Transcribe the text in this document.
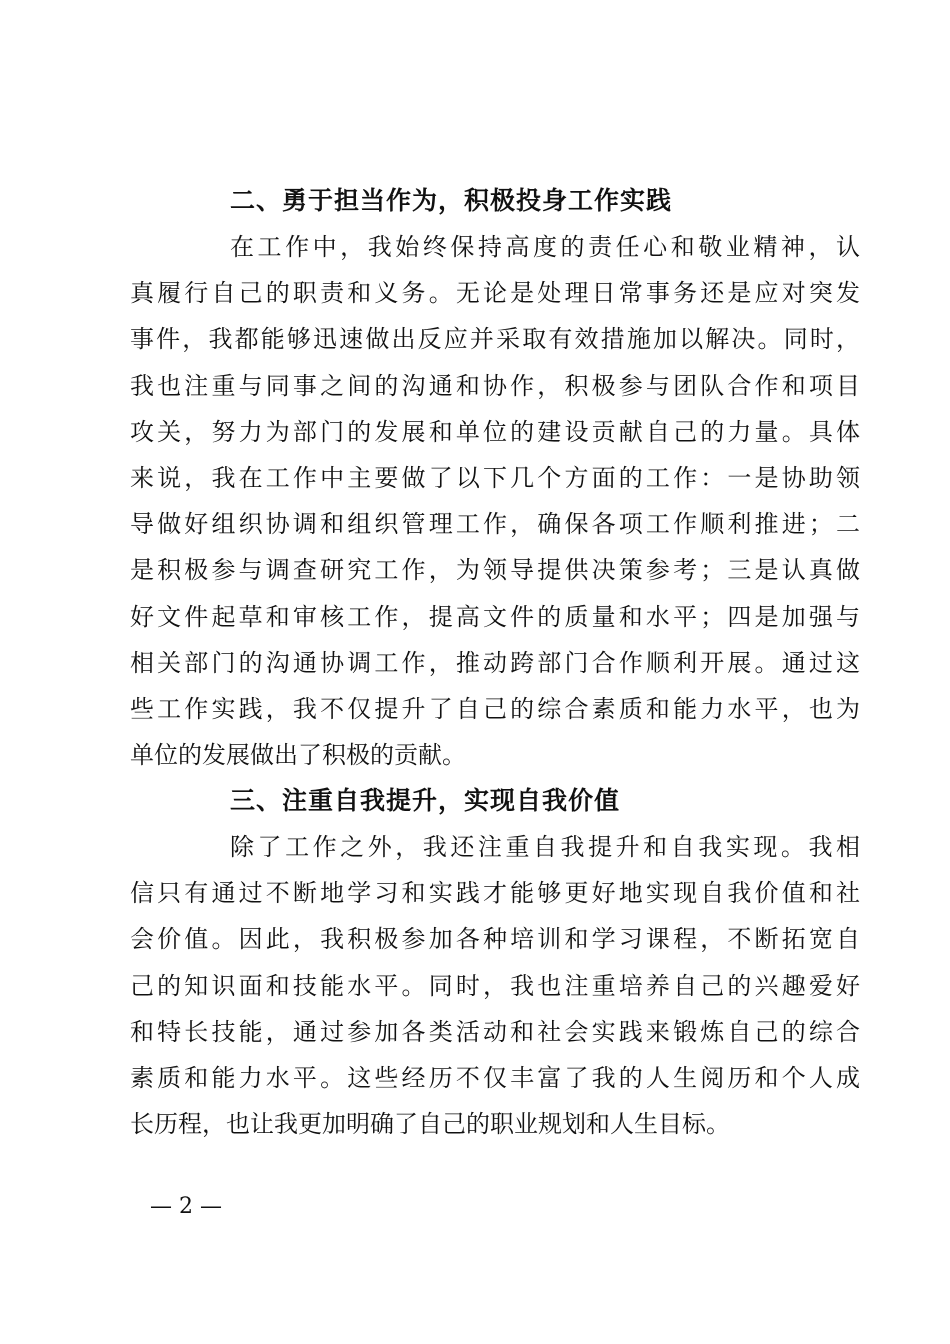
二、勇于担当作为，积极投身工作实践
在工作中，我始终保持高度的责任心和敬业精神，认
真履行自己的职责和义务。无论是处理日常事务还是应对突发
事件，我都能够迅速做出反应并采取有效措施加以解决。同时，
我也注重与同事之间的沟通和协作，积极参与团队合作和项目
攻关，努力为部门的发展和单位的建设贡献自己的力量。具体
来说，我在工作中主要做了以下几个方面的工作：一是协助领
导做好组织协调和组织管理工作，确保各项工作顺利推进；二
是积极参与调查研究工作，为领导提供决策参考；三是认真做
好文件起草和审核工作，提高文件的质量和水平；四是加强与
相关部门的沟通协调工作，推动跨部门合作顺利开展。通过这
些工作实践，我不仅提升了自己的综合素质和能力水平，也为
单位的发展做出了积极的贡献。
三、注重自我提升，实现自我价值
除了工作之外，我还注重自我提升和自我实现。我相
信只有通过不断地学习和实践才能够更好地实现自我价值和社
会价值。因此，我积极参加各种培训和学习课程，不断拓宽自
己的知识面和技能水平。同时，我也注重培养自己的兴趣爱好
和特长技能，通过参加各类活动和社会实践来锻炼自己的综合
素质和能力水平。这些经历不仅丰富了我的人生阅历和个人成
长历程，也让我更加明确了自己的职业规划和人生目标。
— 2 —
